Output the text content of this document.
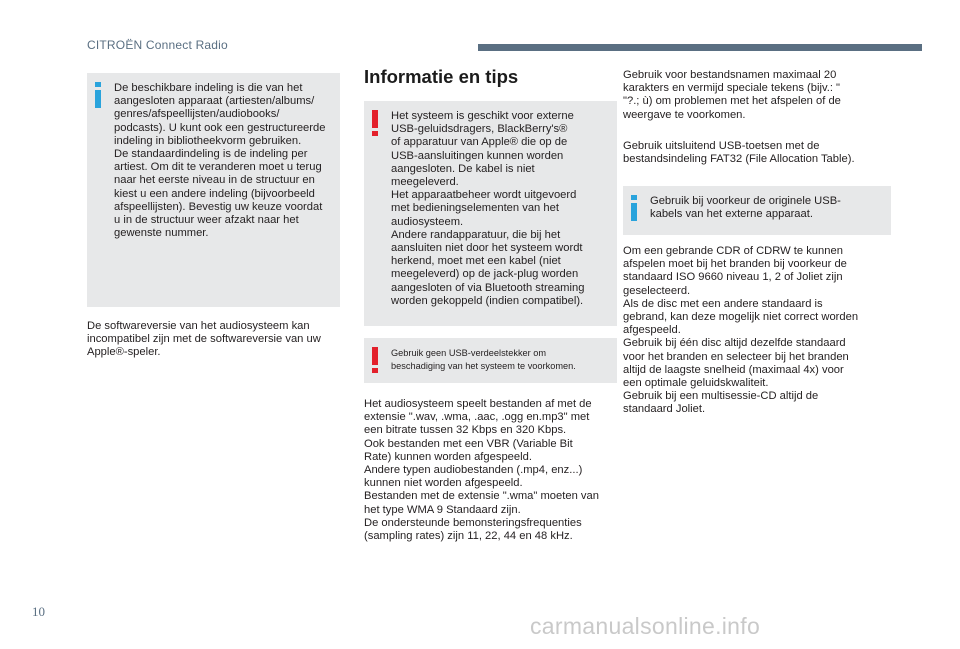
CITROËN Connect Radio

De beschikbare indeling is die van het
aangesloten apparaat (artiesten/albums/
genres/afspeellijsten/audiobooks/
podcasts). U kunt ook een gestructureerde
indeling in bibliotheekvorm gebruiken.
De standaardindeling is de indeling per
artiest. Om dit te veranderen moet u terug
naar het eerste niveau in de structuur en
kiest u een andere indeling (bijvoorbeeld
afspeellijsten). Bevestig uw keuze voordat
u in de structuur weer afzakt naar het
gewenste nummer.

De softwareversie van het audiosysteem kan
incompatibel zijn met de softwareversie van uw
Apple®-speler.

Informatie en tips

Het systeem is geschikt voor externe
USB-geluidsdragers, BlackBerry's®
of apparatuur van Apple® die op de
USB-aansluitingen kunnen worden
aangesloten. De kabel is niet
meegeleverd.
Het apparaatbeheer wordt uitgevoerd
met bedieningselementen van het
audiosysteem.
Andere randapparatuur, die bij het
aansluiten niet door het systeem wordt
herkend, moet met een kabel (niet
meegeleverd) op de jack-plug worden
aangesloten of via Bluetooth streaming
worden gekoppeld (indien compatibel).

Gebruik geen USB-verdeelstekker om
beschadiging van het systeem te voorkomen.

Het audiosysteem speelt bestanden af met de
extensie ".wav, .wma, .aac, .ogg en.mp3" met
een bitrate tussen 32 Kbps en 320 Kbps.
Ook bestanden met een VBR (Variable Bit
Rate) kunnen worden afgespeeld.
Andere typen audiobestanden (.mp4, enz...)
kunnen niet worden afgespeeld.
Bestanden met de extensie ".wma" moeten van
het type WMA 9 Standaard zijn.
De ondersteunde bemonsteringsfrequenties
(sampling rates) zijn 11, 22, 44 en 48 kHz.

Gebruik voor bestandsnamen maximaal 20
karakters en vermijd speciale tekens (bijv.: "
"?.; ù) om problemen met het afspelen of de
weergave te voorkomen.

Gebruik uitsluitend USB-toetsen met de
bestandsindeling FAT32 (File Allocation Table).

Gebruik bij voorkeur de originele USB-
kabels van het externe apparaat.

Om een gebrande CDR of CDRW te kunnen
afspelen moet bij het branden bij voorkeur de
standaard ISO 9660 niveau 1, 2 of Joliet zijn
geselecteerd.
Als de disc met een andere standaard is
gebrand, kan deze mogelijk niet correct worden
afgespeeld.
Gebruik bij één disc altijd dezelfde standaard
voor het branden en selecteer bij het branden
altijd de laagste snelheid (maximaal 4x) voor
een optimale geluidskwaliteit.
Gebruik bij een multisessie-CD altijd de
standaard Joliet.

10
carmanualsonline.info
